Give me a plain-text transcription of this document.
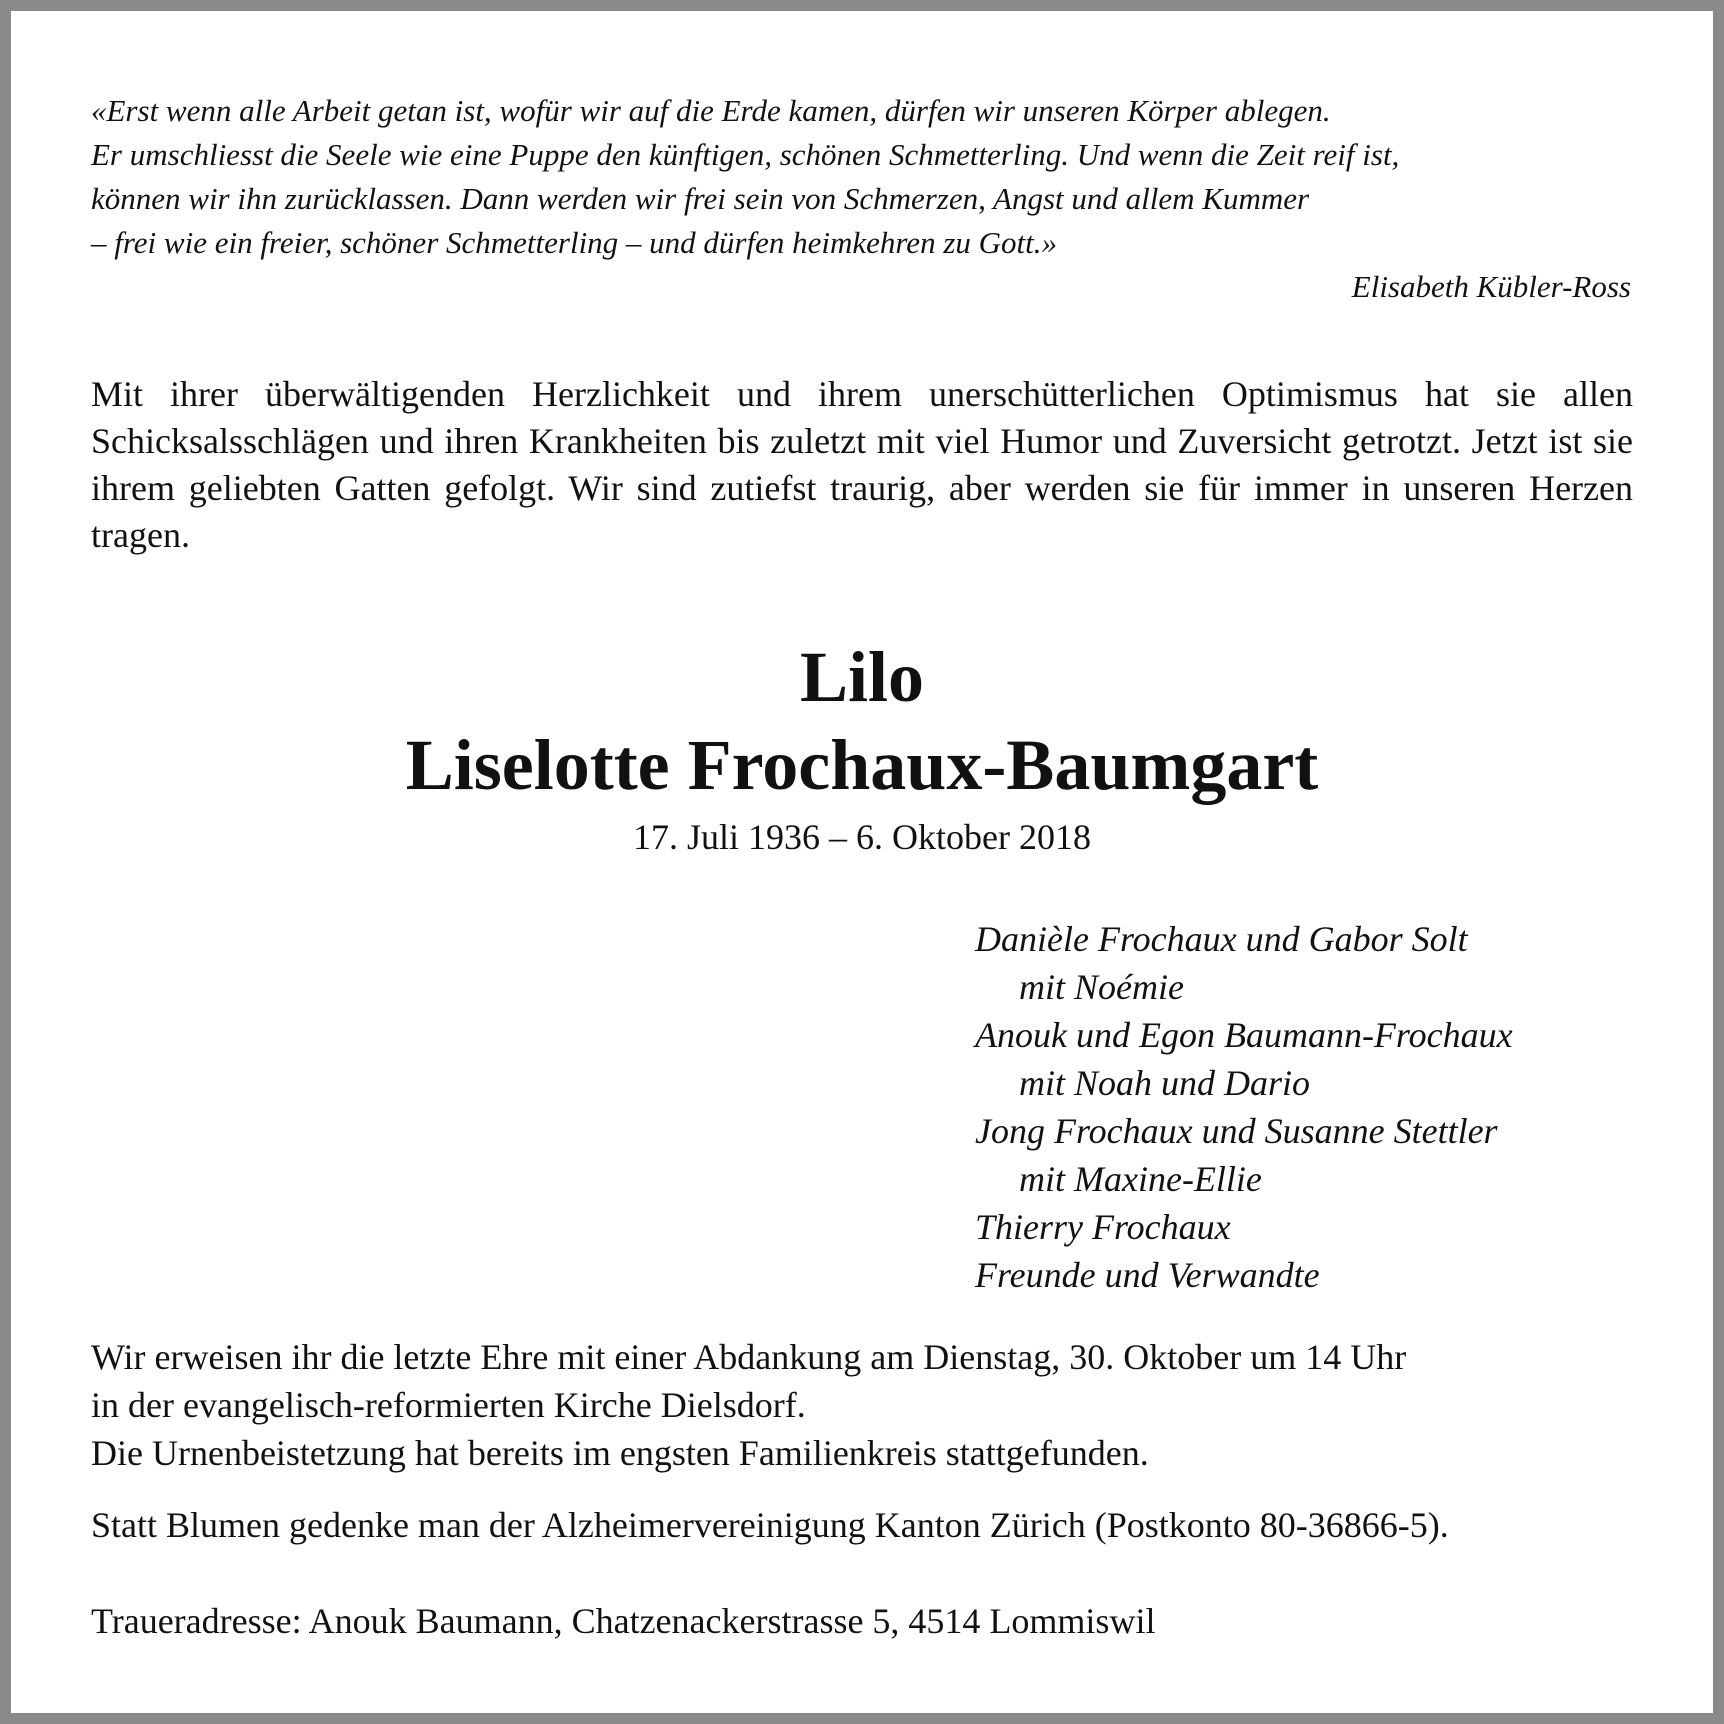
«Erst wenn alle Arbeit getan ist, wofür wir auf die Erde kamen, dürfen wir unseren Körper ablegen.
Er umschliesst die Seele wie eine Puppe den künftigen, schönen Schmetterling. Und wenn die Zeit reif ist,
können wir ihn zurücklassen. Dann werden wir frei sein von Schmerzen, Angst und allem Kummer
– frei wie ein freier, schöner Schmetterling – und dürfen heimkehren zu Gott.»
Elisabeth Kübler-Ross
Mit ihrer überwältigenden Herzlichkeit und ihrem unerschütterlichen Optimismus hat sie allen Schicksalsschlägen und ihren Krankheiten bis zuletzt mit viel Humor und Zuversicht getrotzt. Jetzt ist sie ihrem geliebten Gatten gefolgt. Wir sind zutiefst traurig, aber werden sie für immer in unseren Herzen tragen.
Lilo
Liselotte Frochaux-Baumgart
17. Juli 1936 – 6. Oktober 2018
Danièle Frochaux und Gabor Solt
mit Noémie
Anouk und Egon Baumann-Frochaux
mit Noah und Dario
Jong Frochaux und Susanne Stettler
mit Maxine-Ellie
Thierry Frochaux
Freunde und Verwandte
Wir erweisen ihr die letzte Ehre mit einer Abdankung am Dienstag, 30. Oktober um 14 Uhr
in der evangelisch-reformierten Kirche Dielsdorf.
Die Urnenbeistetzung hat bereits im engsten Familienkreis stattgefunden.
Statt Blumen gedenke man der Alzheimervereinigung Kanton Zürich (Postkonto 80-36866-5).
Traueradresse: Anouk Baumann, Chatzenackerstrasse 5, 4514 Lommiswil
